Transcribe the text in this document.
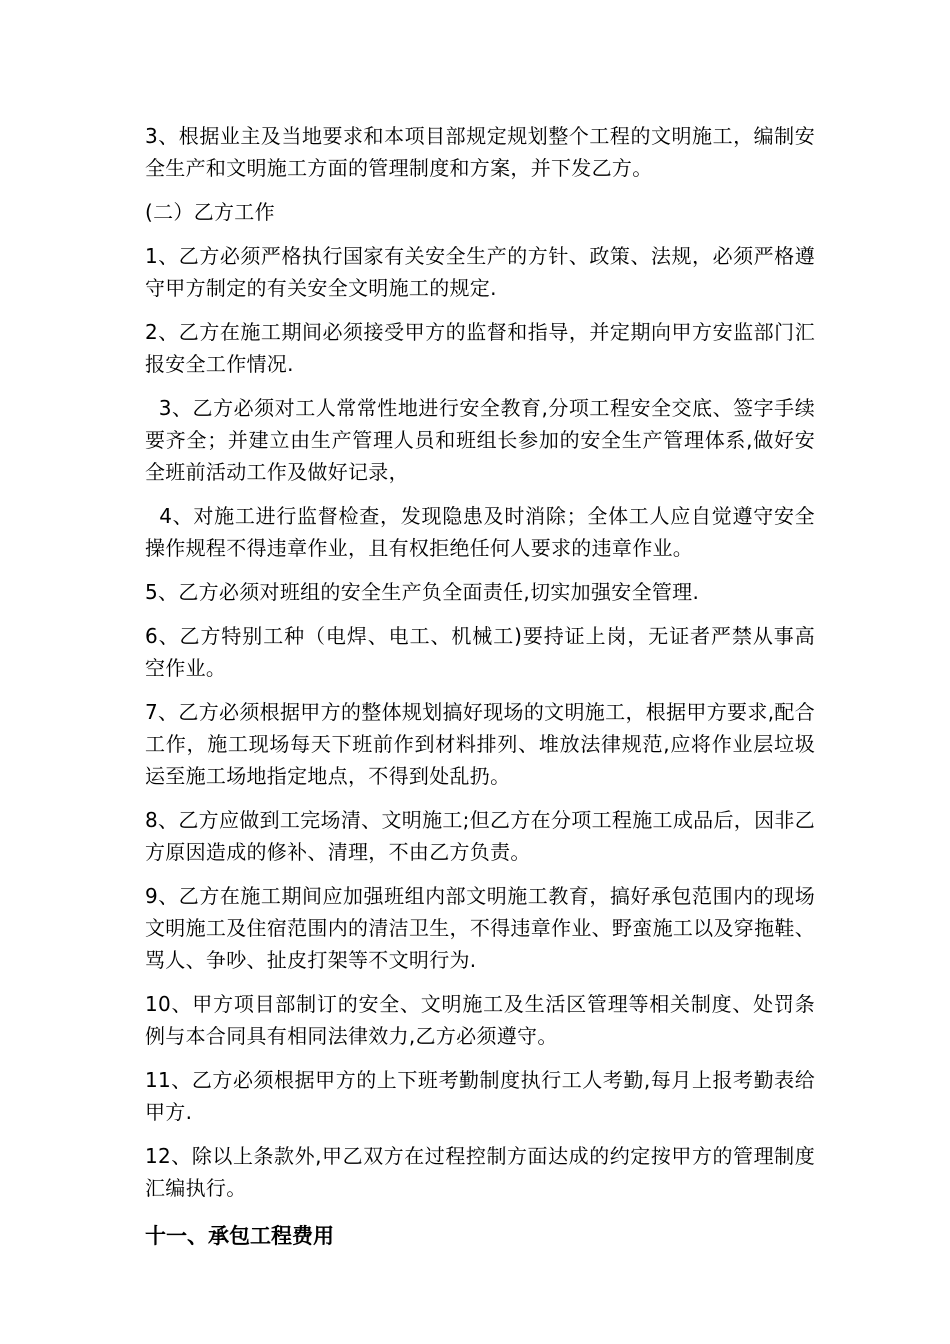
3、根据业主及当地要求和本项目部规定规划整个工程的文明施工，编制安全生产和文明施工方面的管理制度和方案，并下发乙方。

(二）乙方工作

1、乙方必须严格执行国家有关安全生产的方针、政策、法规，必须严格遵守甲方制定的有关安全文明施工的规定.

2、乙方在施工期间必须接受甲方的监督和指导，并定期向甲方安监部门汇报安全工作情况.

3、乙方必须对工人常常性地进行安全教育,分项工程安全交底、签字手续要齐全；并建立由生产管理人员和班组长参加的安全生产管理体系,做好安全班前活动工作及做好记录，

4、对施工进行监督检查，发现隐患及时消除；全体工人应自觉遵守安全操作规程不得违章作业，且有权拒绝任何人要求的违章作业。

5、乙方必须对班组的安全生产负全面责任,切实加强安全管理.

6、乙方特别工种（电焊、电工、机械工)要持证上岗，无证者严禁从事高空作业。

7、乙方必须根据甲方的整体规划搞好现场的文明施工，根据甲方要求,配合工作，施工现场每天下班前作到材料排列、堆放法律规范,应将作业层垃圾运至施工场地指定地点，不得到处乱扔。

8、乙方应做到工完场清、文明施工;但乙方在分项工程施工成品后，因非乙方原因造成的修补、清理，不由乙方负责。

9、乙方在施工期间应加强班组内部文明施工教育，搞好承包范围内的现场文明施工及住宿范围内的清洁卫生，不得违章作业、野蛮施工以及穿拖鞋、骂人、争吵、扯皮打架等不文明行为.

10、甲方项目部制订的安全、文明施工及生活区管理等相关制度、处罚条例与本合同具有相同法律效力,乙方必须遵守。

11、乙方必须根据甲方的上下班考勤制度执行工人考勤,每月上报考勤表给甲方.

12、除以上条款外,甲乙双方在过程控制方面达成的约定按甲方的管理制度汇编执行。

十一、承包工程费用
